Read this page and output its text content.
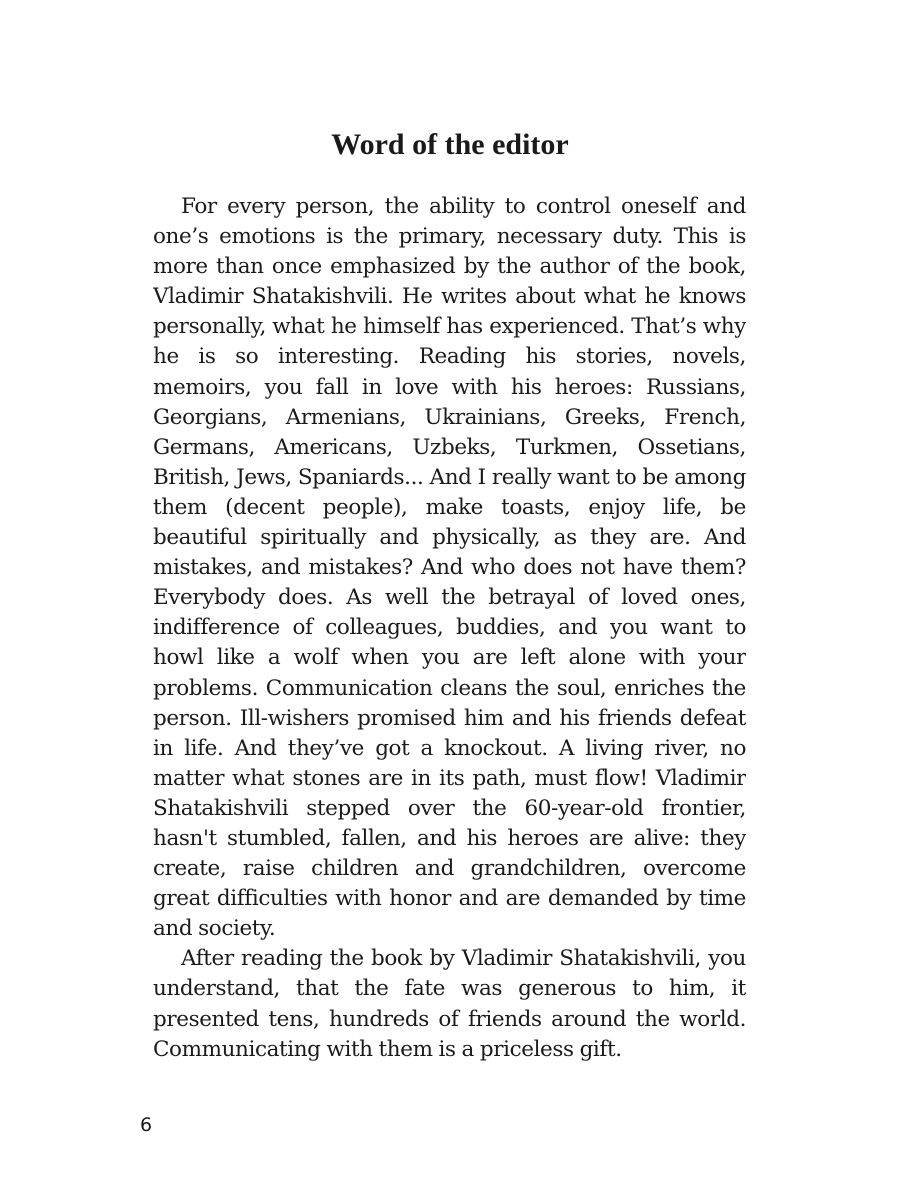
Word of the editor

For every person, the ability to control oneself and one’s emotions is the primary, necessary duty. This is more than once emphasized by the author of the book, Vladimir Shatakishvili. He writes about what he knows personally, what he himself has experienced. That’s why he is so interesting. Reading his stories, novels, memoirs, you fall in love with his heroes: Russians, Georgians, Armenians, Ukrainians, Greeks, French, Germans, Americans, Uzbeks, Turkmen, Ossetians, British, Jews, Spaniards... And I really want to be among them (decent people), make toasts, enjoy life, be beautiful spiritually and physically, as they are. And mistakes, and mistakes? And who does not have them? Everybody does. As well the betrayal of loved ones, indifference of colleagues, buddies, and you want to howl like a wolf when you are left alone with your problems. Communication cleans the soul, enriches the person. Ill-wishers promised him and his friends defeat in life. And they’ve got a knockout. A living river, no matter what stones are in its path, must flow! Vladimir Shatakishvili stepped over the 60-year-old frontier, hasn't stumbled, fallen, and his heroes are alive: they create, raise children and grandchildren, overcome great difficulties with honor and are demanded by time and society.

After reading the book by Vladimir Shatakishvili, you understand, that the fate was generous to him, it presented tens, hundreds of friends around the world. Communicating with them is a priceless gift.

6
